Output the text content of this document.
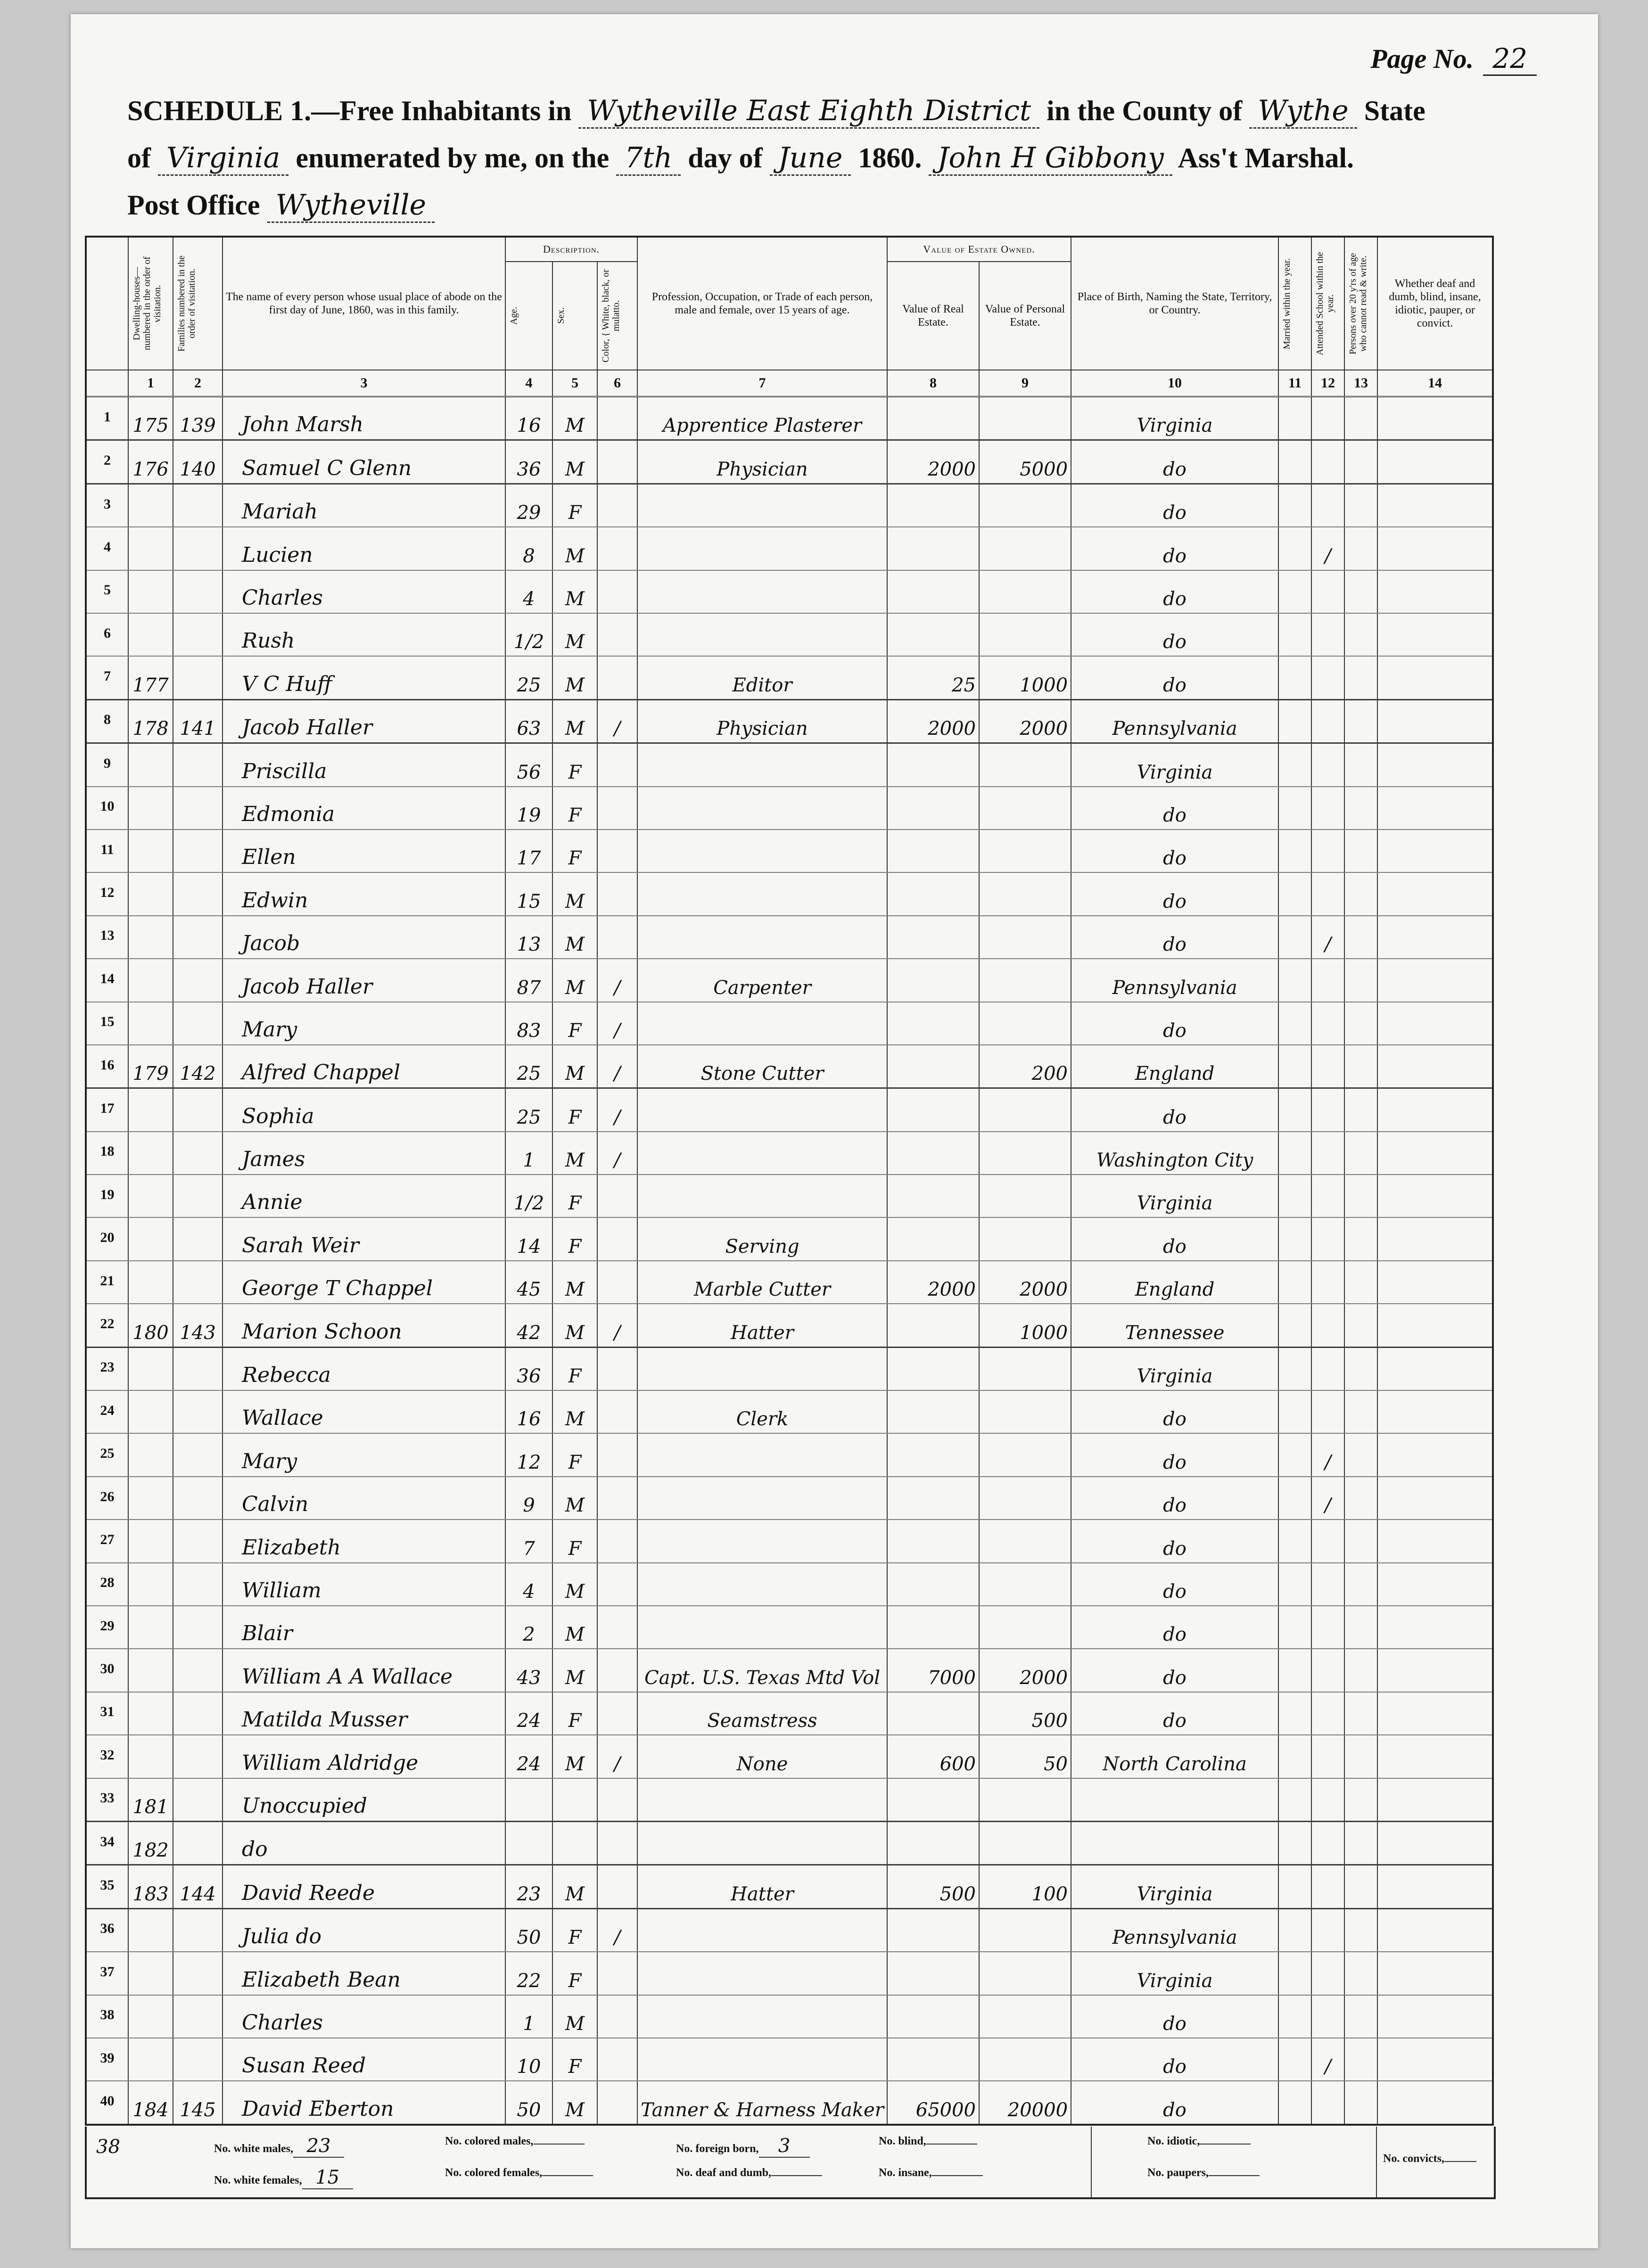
Page No. 22
SCHEDULE 1.—Free Inhabitants in Wytheville East Eighth District in the County of Wythe State
of Virginia enumerated by me, on the 7th day of June 1860. John H Gibbony Ass't Marshal.
Post Office Wytheville

	Dwelling-houses—numbered in the order of visitation.	Families numbered in the order of visitation.	The name of every person whose usual place of abode on the first day of June, 1860, was in this family.	Description.			Profession, Occupation, or Trade of each person, male and female, over 15 years of age.	Value of Estate Owned.		Place of Birth, Naming the State, Territory, or Country.	Married within the year.	Attended School within the year.	Persons over 20 y'rs of age who cannot read & write.	Whether deaf and dumb, blind, insane, idiotic, pauper, or convict.

				Age.	Sex.	Color, { White, black, or mulatto.		Value of Real Estate.	Value of Personal Estate.					
	1	2	3	4	5	6	7	8	9	10	11	12	13	14
1	175	139	John Marsh	16	M		Apprentice Plasterer			Virginia				
2	176	140	Samuel C Glenn	36	M		Physician	2000	5000	do				
3			Mariah	29	F					do				
4			Lucien	8	M					do		/		
5			Charles	4	M					do				
6			Rush	1/2	M					do				
7	177		V C Huff	25	M		Editor	25	1000	do				
8	178	141	Jacob Haller	63	M	/	Physician	2000	2000	Pennsylvania				
9			Priscilla	56	F					Virginia				
10			Edmonia	19	F					do				
11			Ellen	17	F					do				
12			Edwin	15	M					do				
13			Jacob	13	M					do		/		
14			Jacob Haller	87	M	/	Carpenter			Pennsylvania				
15			Mary	83	F	/				do				
16	179	142	Alfred Chappel	25	M	/	Stone Cutter		200	England				
17			Sophia	25	F	/				do				
18			James	1	M	/				Washington City				
19			Annie	1/2	F					Virginia				
20			Sarah Weir	14	F		Serving			do				
21			George T Chappel	45	M		Marble Cutter	2000	2000	England				
22	180	143	Marion Schoon	42	M	/	Hatter		1000	Tennessee				
23			Rebecca	36	F					Virginia				
24			Wallace	16	M		Clerk			do				
25			Mary	12	F					do		/		
26			Calvin	9	M					do		/		
27			Elizabeth	7	F					do				
28			William	4	M					do				
29			Blair	2	M					do				
30			William A A Wallace	43	M		Capt. U.S. Texas Mtd Vol	7000	2000	do				
31			Matilda Musser	24	F		Seamstress		500	do				
32			William Aldridge	24	M	/	None	600	50	North Carolina				
33	181		Unoccupied											
34	182		do											
35	183	144	David Reede	23	M		Hatter	500	100	Virginia				
36			Julia do	50	F	/				Pennsylvania				
37			Elizabeth Bean	22	F					Virginia				
38			Charles	1	M					do				
39			Susan Reed	10	F					do		/		
40	184	145	David Eberton	50	M		Tanner & Harness Maker	65000	20000	do				
38	No. white males, 23
No. white females, 15
No. colored males,
No. colored females,
No. foreign born, 3
No. deaf and dumb,
No. blind,
No. insane,
No. idiotic,
No. paupers,
No. convicts,
